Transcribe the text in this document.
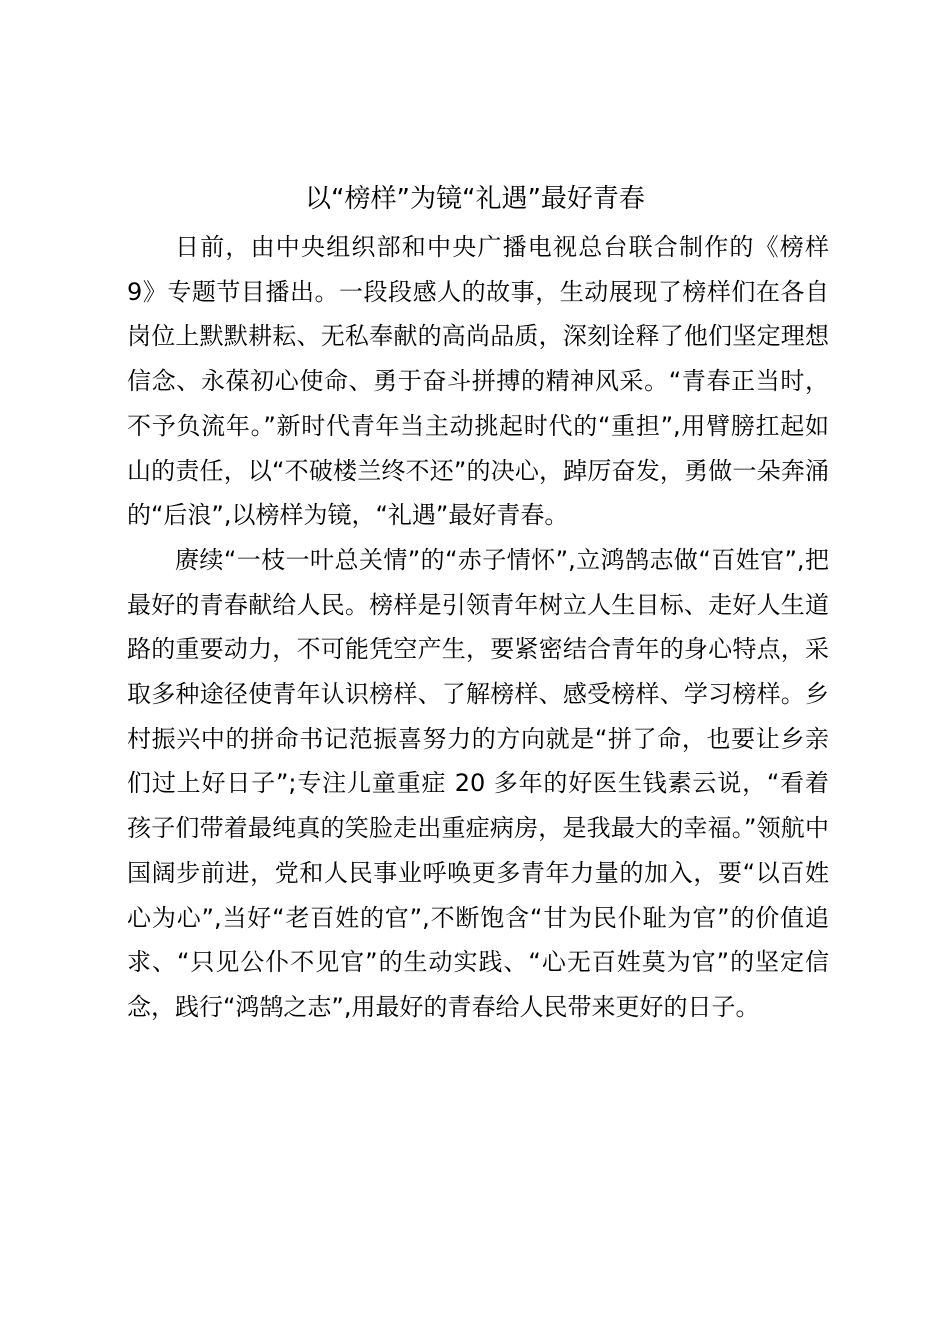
以“榜样”为镜“礼遇”最好青春

日前，由中央组织部和中央广播电视总台联合制作的《榜样 9》专题节目播出。一段段感人的故事，生动展现了榜样们在各自岗位上默默耕耘、无私奉献的高尚品质，深刻诠释了他们坚定理想信念、永葆初心使命、勇于奋斗拼搏的精神风采。“青春正当时，不予负流年。”新时代青年当主动挑起时代的“重担”,用臂膀扛起如山的责任，以“不破楼兰终不还”的决心，踔厉奋发，勇做一朵奔涌的“后浪”,以榜样为镜，“礼遇”最好青春。

赓续“一枝一叶总关情”的“赤子情怀”,立鸿鹄志做“百姓官”,把最好的青春献给人民。榜样是引领青年树立人生目标、走好人生道路的重要动力，不可能凭空产生，要紧密结合青年的身心特点，采取多种途径使青年认识榜样、了解榜样、感受榜样、学习榜样。乡村振兴中的拼命书记范振喜努力的方向就是“拼了命，也要让乡亲们过上好日子”;专注儿童重症 20 多年的好医生钱素云说，“看着孩子们带着最纯真的笑脸走出重症病房，是我最大的幸福。”领航中国阔步前进，党和人民事业呼唤更多青年力量的加入，要“以百姓心为心”,当好“老百姓的官”,不断饱含“甘为民仆耻为官”的价值追求、“只见公仆不见官”的生动实践、“心无百姓莫为官”的坚定信念，践行“鸿鹄之志”,用最好的青春给人民带来更好的日子。
